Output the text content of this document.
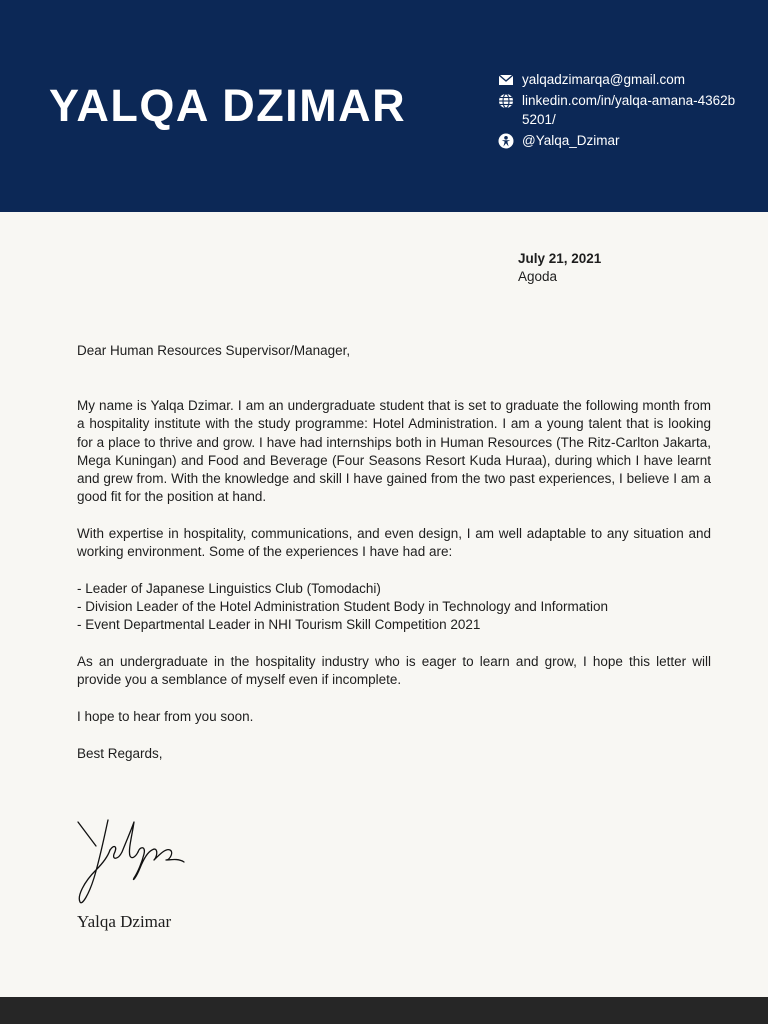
YALQA DZIMAR
yalqadzimarqa@gmail.com
linkedin.com/in/yalqa-amana-4362b5201/
@Yalqa_Dzimar
July 21, 2021
Agoda
Dear Human Resources Supervisor/Manager,
My name is Yalqa Dzimar. I am an undergraduate student that is set to graduate the following month from a hospitality institute with the study programme: Hotel Administration. I am a young talent that is looking for a place to thrive and grow. I have had internships both in Human Resources (The Ritz-Carlton Jakarta, Mega Kuningan) and Food and Beverage (Four Seasons Resort Kuda Huraa), during which I have learnt and grew from. With the knowledge and skill I have gained from the two past experiences, I believe I am a good fit for the position at hand.
With expertise in hospitality, communications, and even design, I am well adaptable to any situation and working environment. Some of the experiences I have had are:
- Leader of Japanese Linguistics Club (Tomodachi)
- Division Leader of the Hotel Administration Student Body in Technology and Information
- Event Departmental Leader in NHI Tourism Skill Competition 2021
As an undergraduate in the hospitality industry who is eager to learn and grow, I hope this letter will provide you a semblance of myself even if incomplete.
I hope to hear from you soon.
Best Regards,
Yalqa Dzimar
